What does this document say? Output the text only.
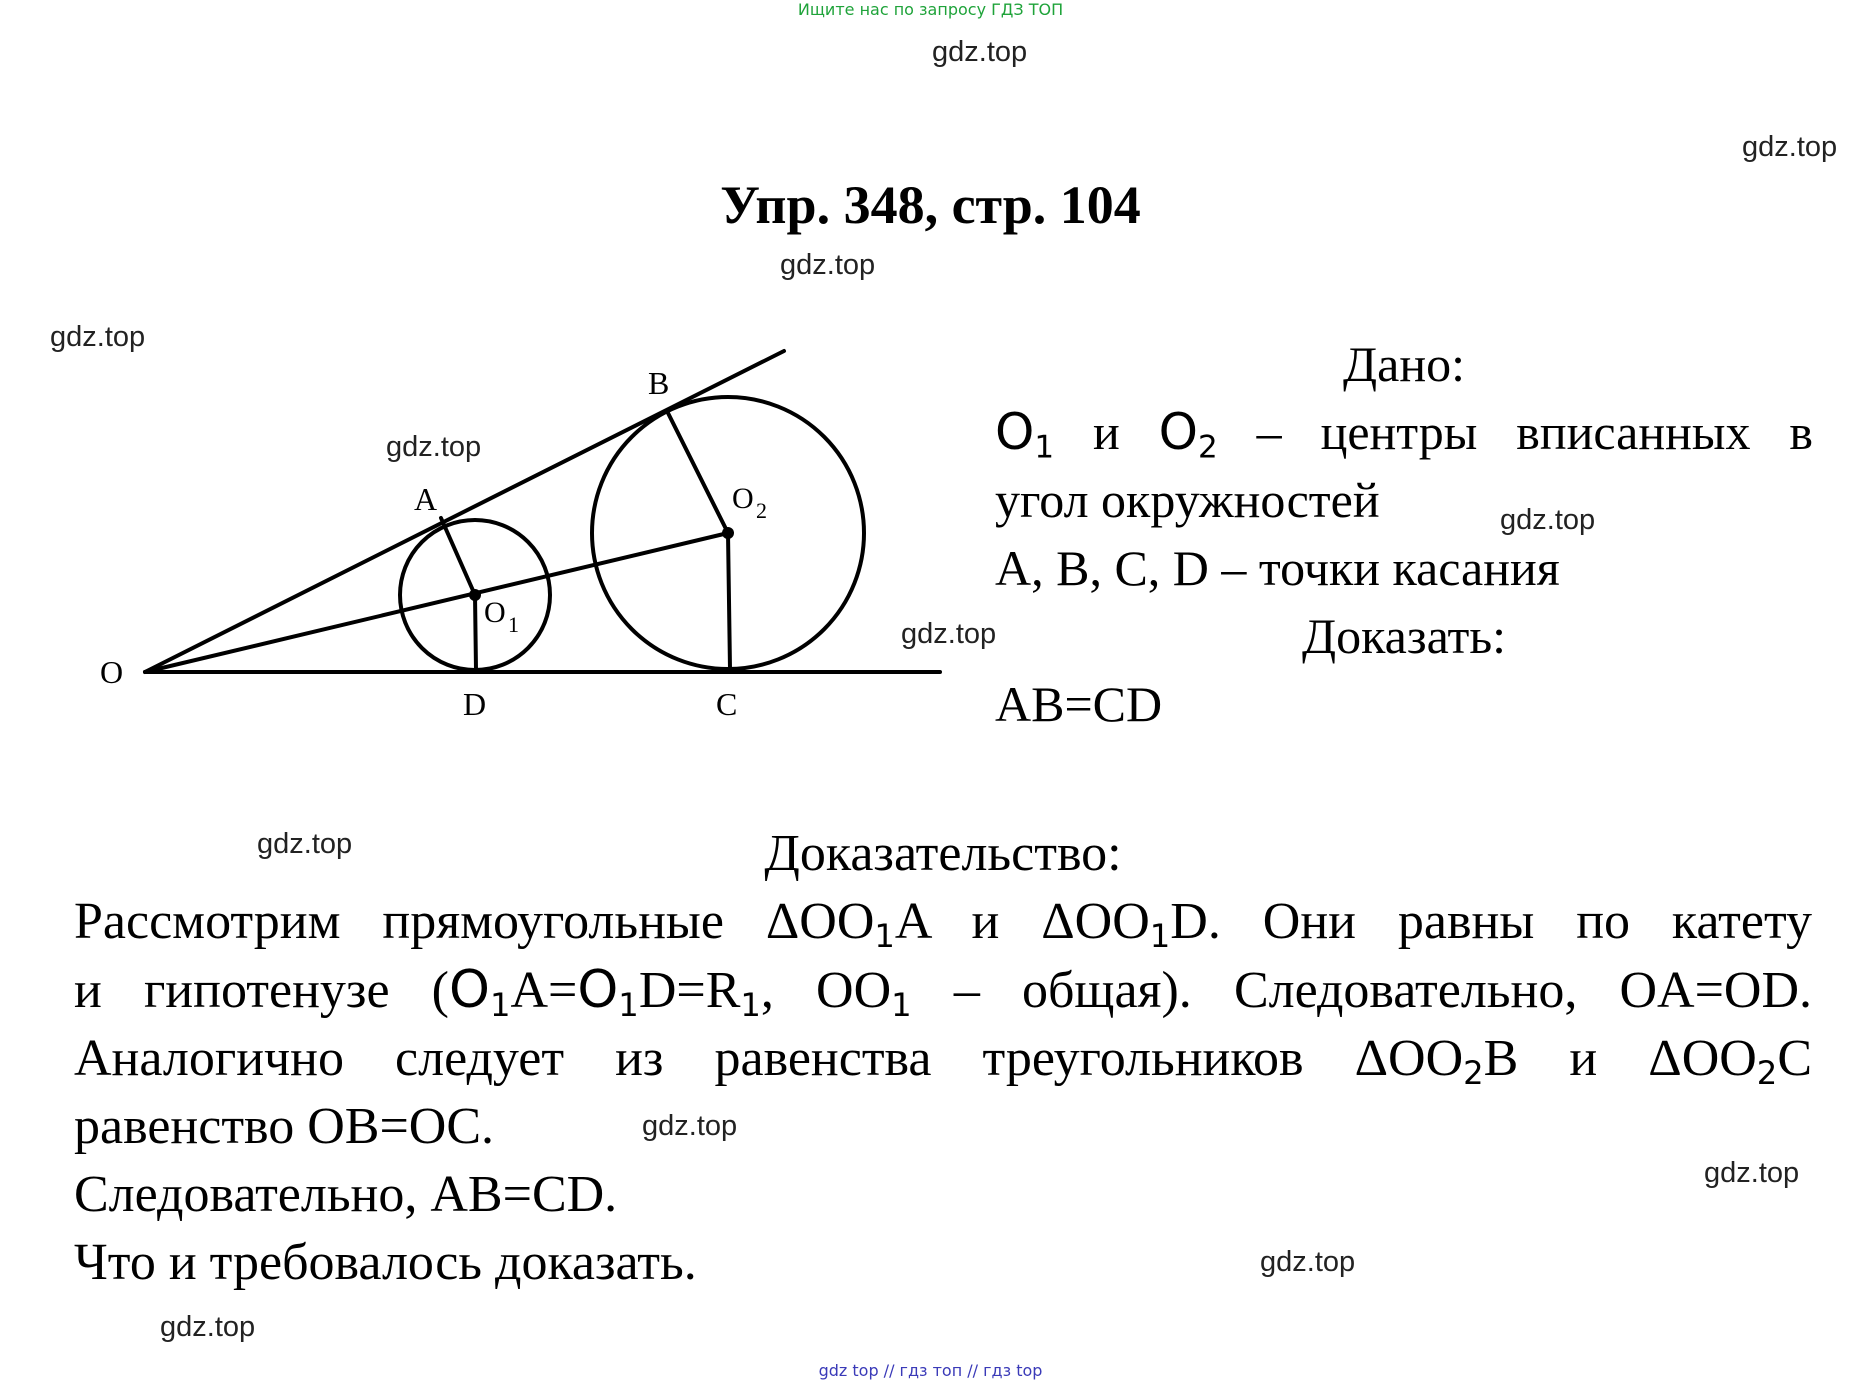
Ищите нас по запросу ГДЗ ТОП
gdz.top
gdz.top
gdz.top
gdz.top
gdz.top
gdz.top
gdz.top
gdz.top
gdz.top
gdz.top
gdz.top
gdz.top
Упр. 348, стр. 104
O
A
B
D	C
O 1
O 2
Дано:
$O_1$ и $O_2$ – центры вписанных в
угол окружностей
A, B, C, D – точки касания
Доказать:
AB=CD
Доказательство:
Рассмотрим прямоугольные $\Delta OO_1A$ и $\Delta OO_1D$. Они равны по катету
и гипотенузе ($O_1A=O_1D=R_1$, $OO_1$ – общая). Следовательно, OA=OD.
Аналогично следует из равенства треугольников $\Delta OO_2B$ и $\Delta OO_2C$
равенство OB=OC.
Следовательно, AB=CD.
Что и требовалось доказать.
gdz top // гдз топ // гдз top
